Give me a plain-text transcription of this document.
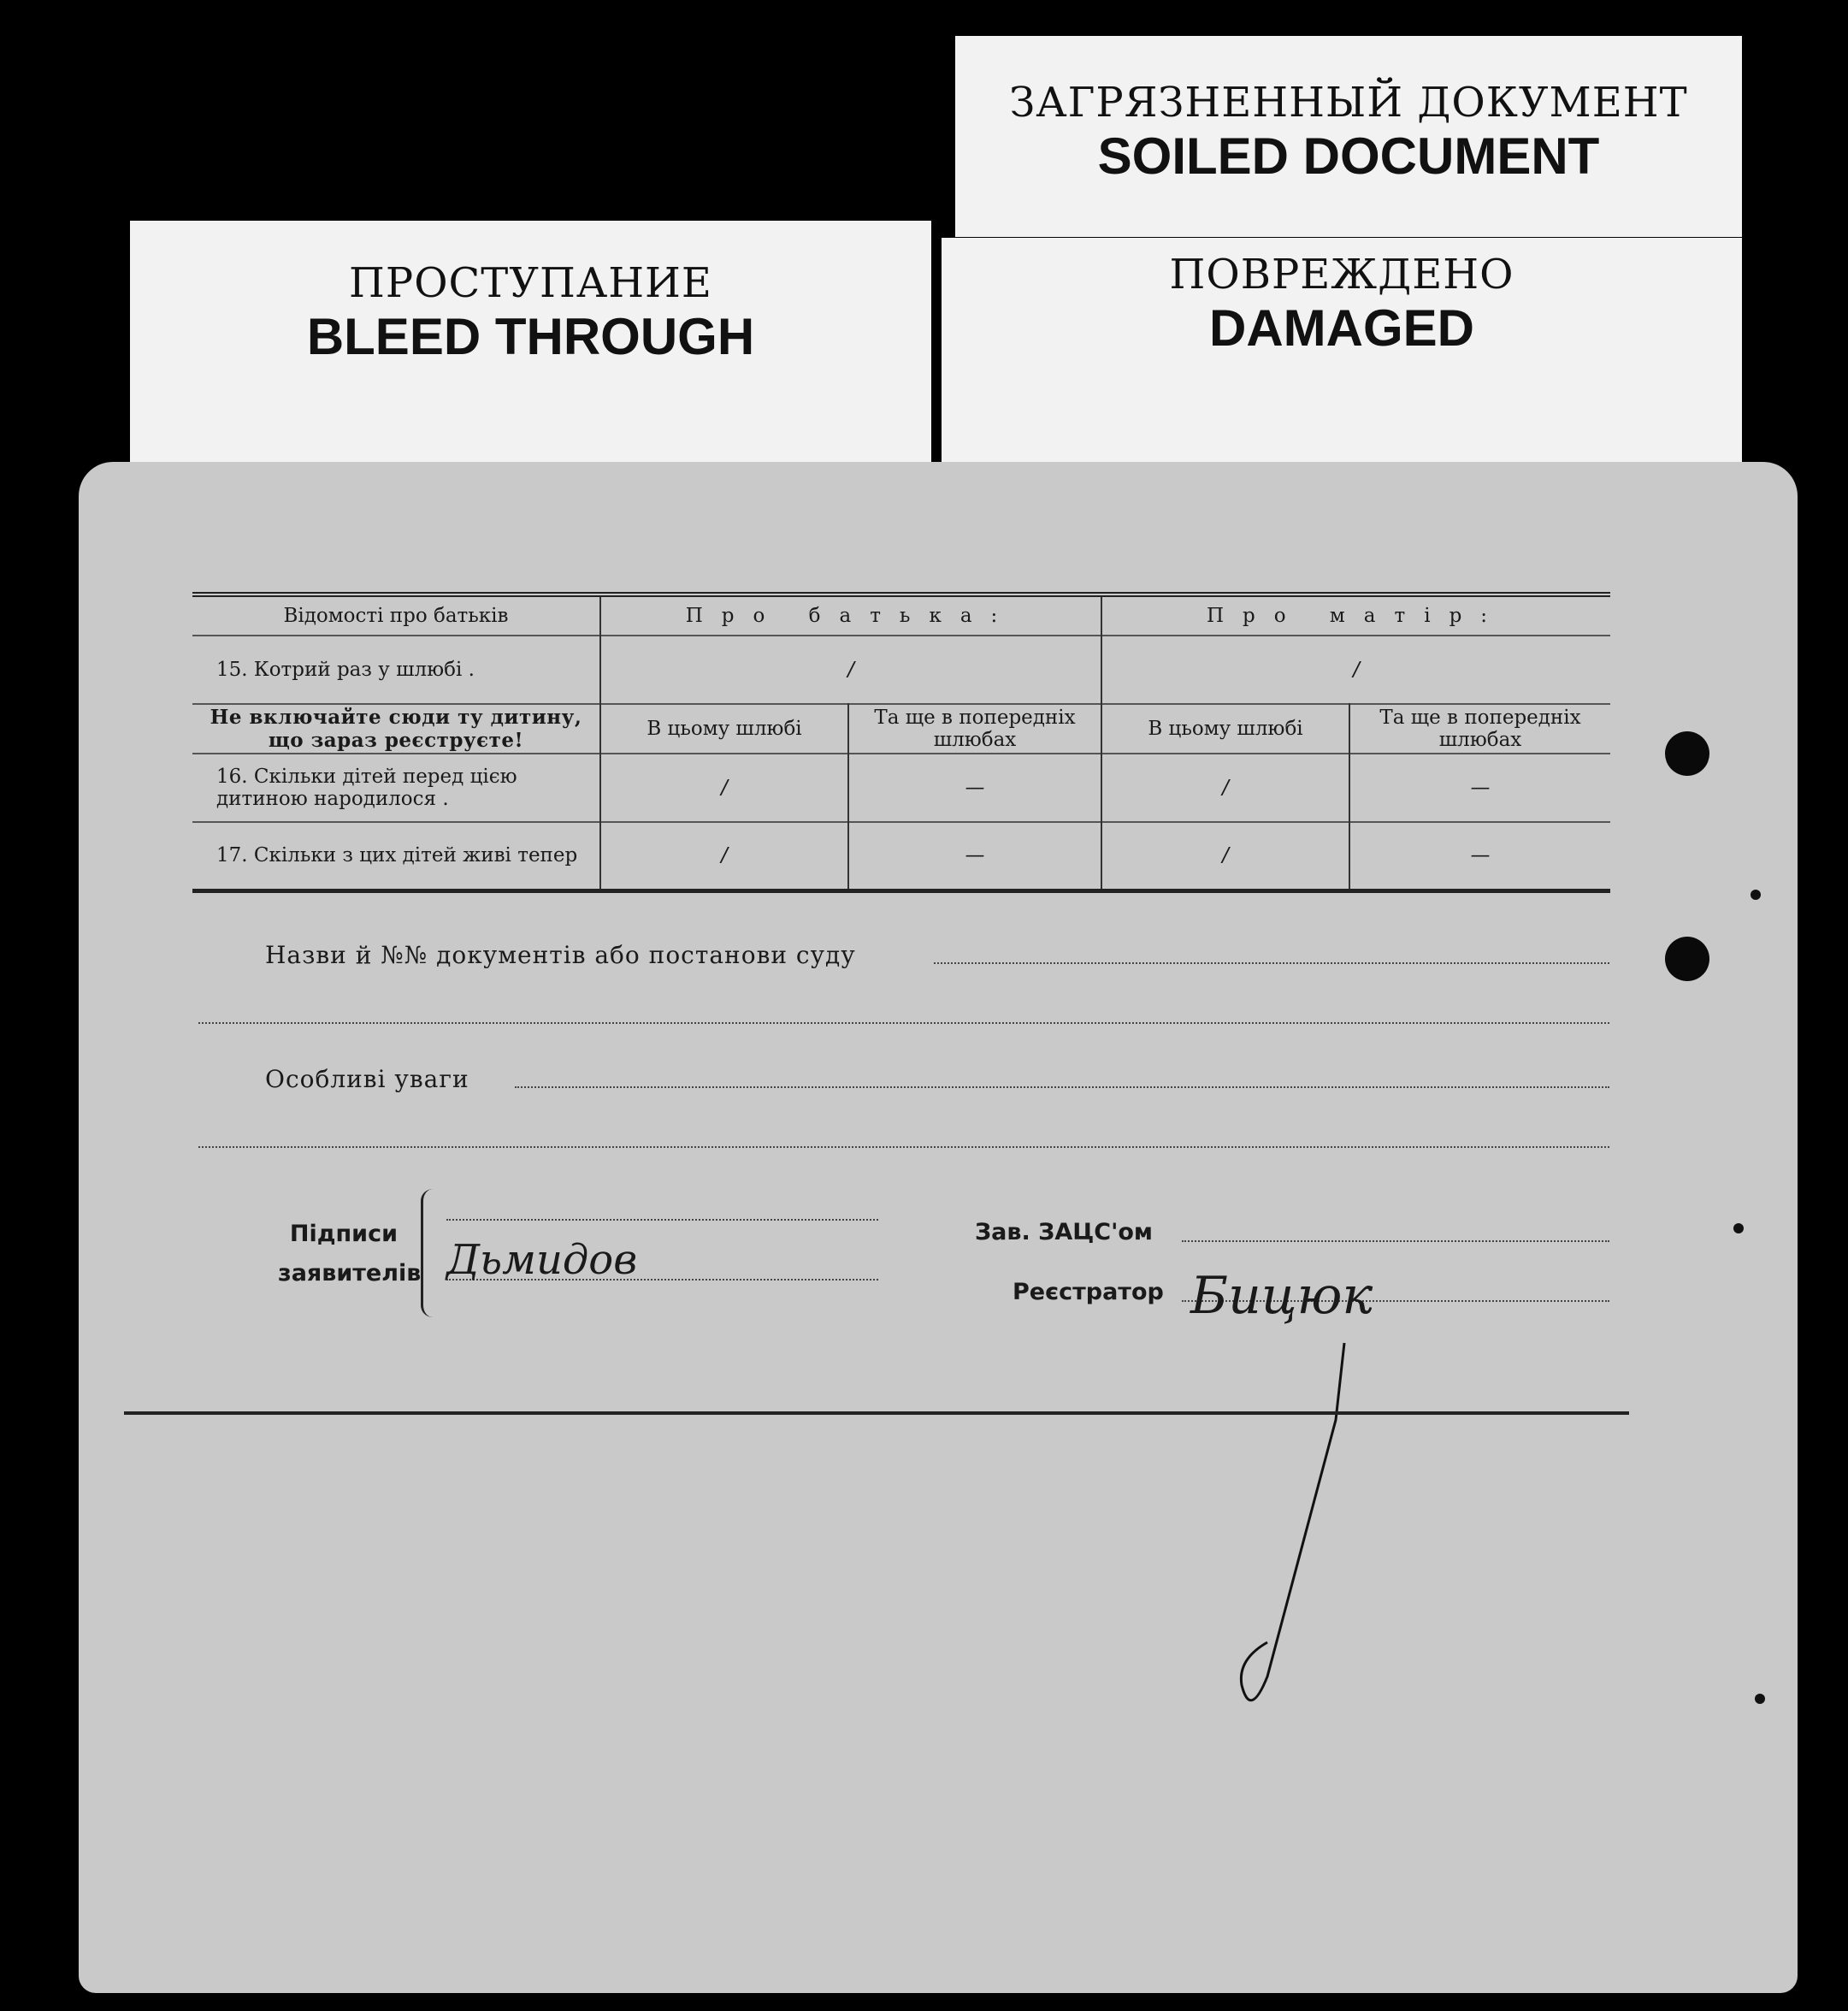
ЗАГРЯЗНЕННЫЙ ДОКУМЕНТ
SOILED DOCUMENT
ПРОСТУПАНИЕ
BLEED THROUGH
ПОВРЕЖДЕНО
DAMAGED
Відомості про батьків	Про батька:		Про матір:	
15. Котрий раз у шлюбі .	/		/	
Не включайте сюди ту дитину, що зараз реєструєте!	В цьому шлюбі	Та ще в попередніх шлюбах	В цьому шлюбі	Та ще в попередніх шлюбах
16. Скільки дітей перед цією дитиною народилося .	/	—	/	—
17. Скільки з цих дітей живі тепер	/	—	/	—
Назви й №№ документів або постанови суду
Особливі уваги
Підписи
заявителів Дьмидов
Зав. ЗАЦС'ом
Реєстратор Бицюк
